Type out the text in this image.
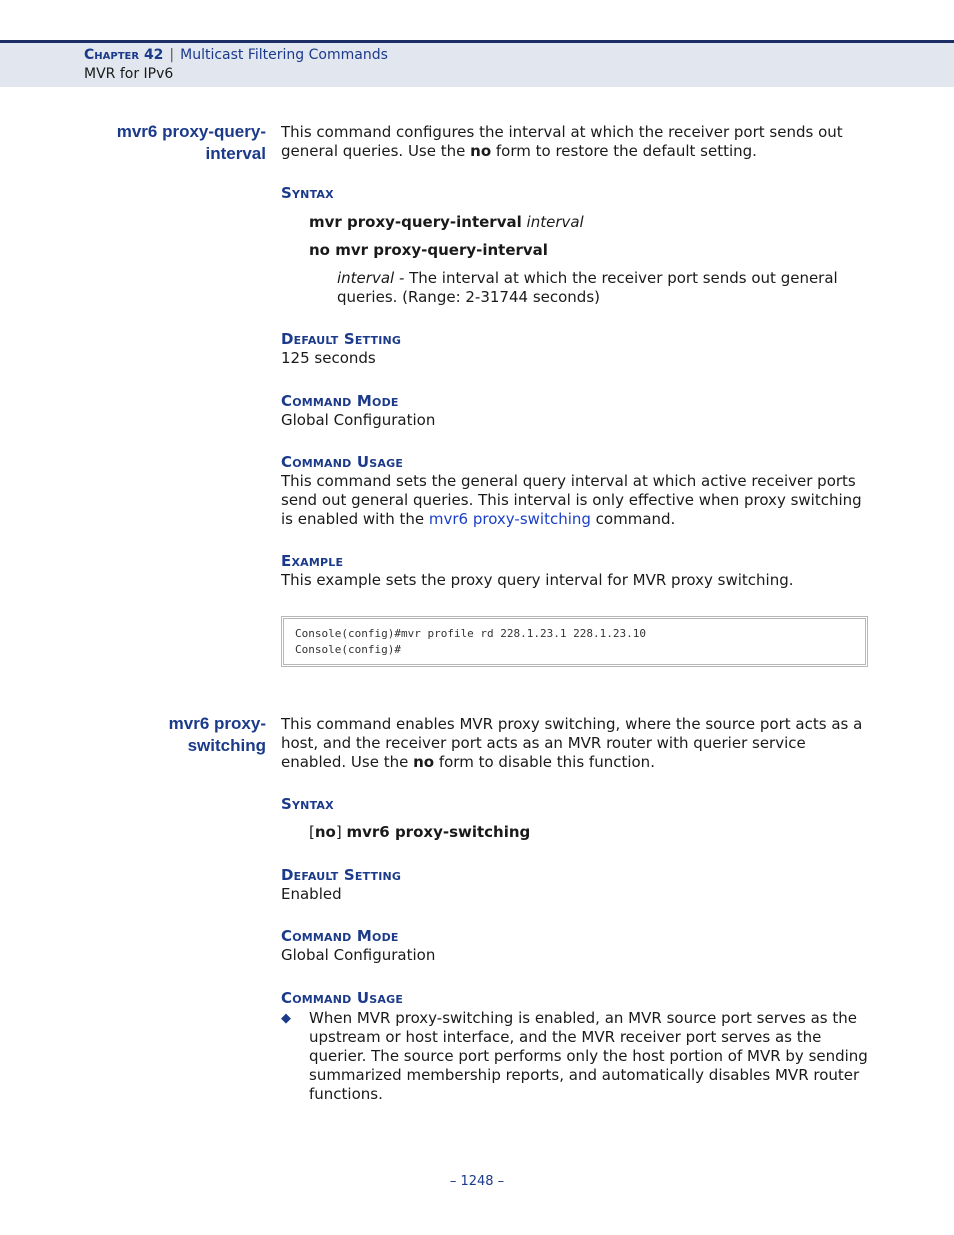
Chapter 42 | Multicast Filtering Commands
MVR for IPv6
mvr6 proxy-query-
interval
This command configures the interval at which the receiver port sends out general queries. Use the no form to restore the default setting.
Syntax
mvr proxy-query-interval interval
no mvr proxy-query-interval
interval - The interval at which the receiver port sends out general queries. (Range: 2-31744 seconds)
Default Setting
125 seconds
Command Mode
Global Configuration
Command Usage
This command sets the general query interval at which active receiver ports send out general queries. This interval is only effective when proxy switching is enabled with the mvr6 proxy-switching command.
Example
This example sets the proxy query interval for MVR proxy switching.
Console(config)#mvr profile rd 228.1.23.1 228.1.23.10
Console(config)#
mvr6 proxy-
switching
This command enables MVR proxy switching, where the source port acts as a host, and the receiver port acts as an MVR router with querier service enabled. Use the no form to disable this function.
Syntax
[no] mvr6 proxy-switching
Default Setting
Enabled
Command Mode
Global Configuration
Command Usage
◆ When MVR proxy-switching is enabled, an MVR source port serves as the upstream or host interface, and the MVR receiver port serves as the querier. The source port performs only the host portion of MVR by sending summarized membership reports, and automatically disables MVR router functions.
– 1248 –
